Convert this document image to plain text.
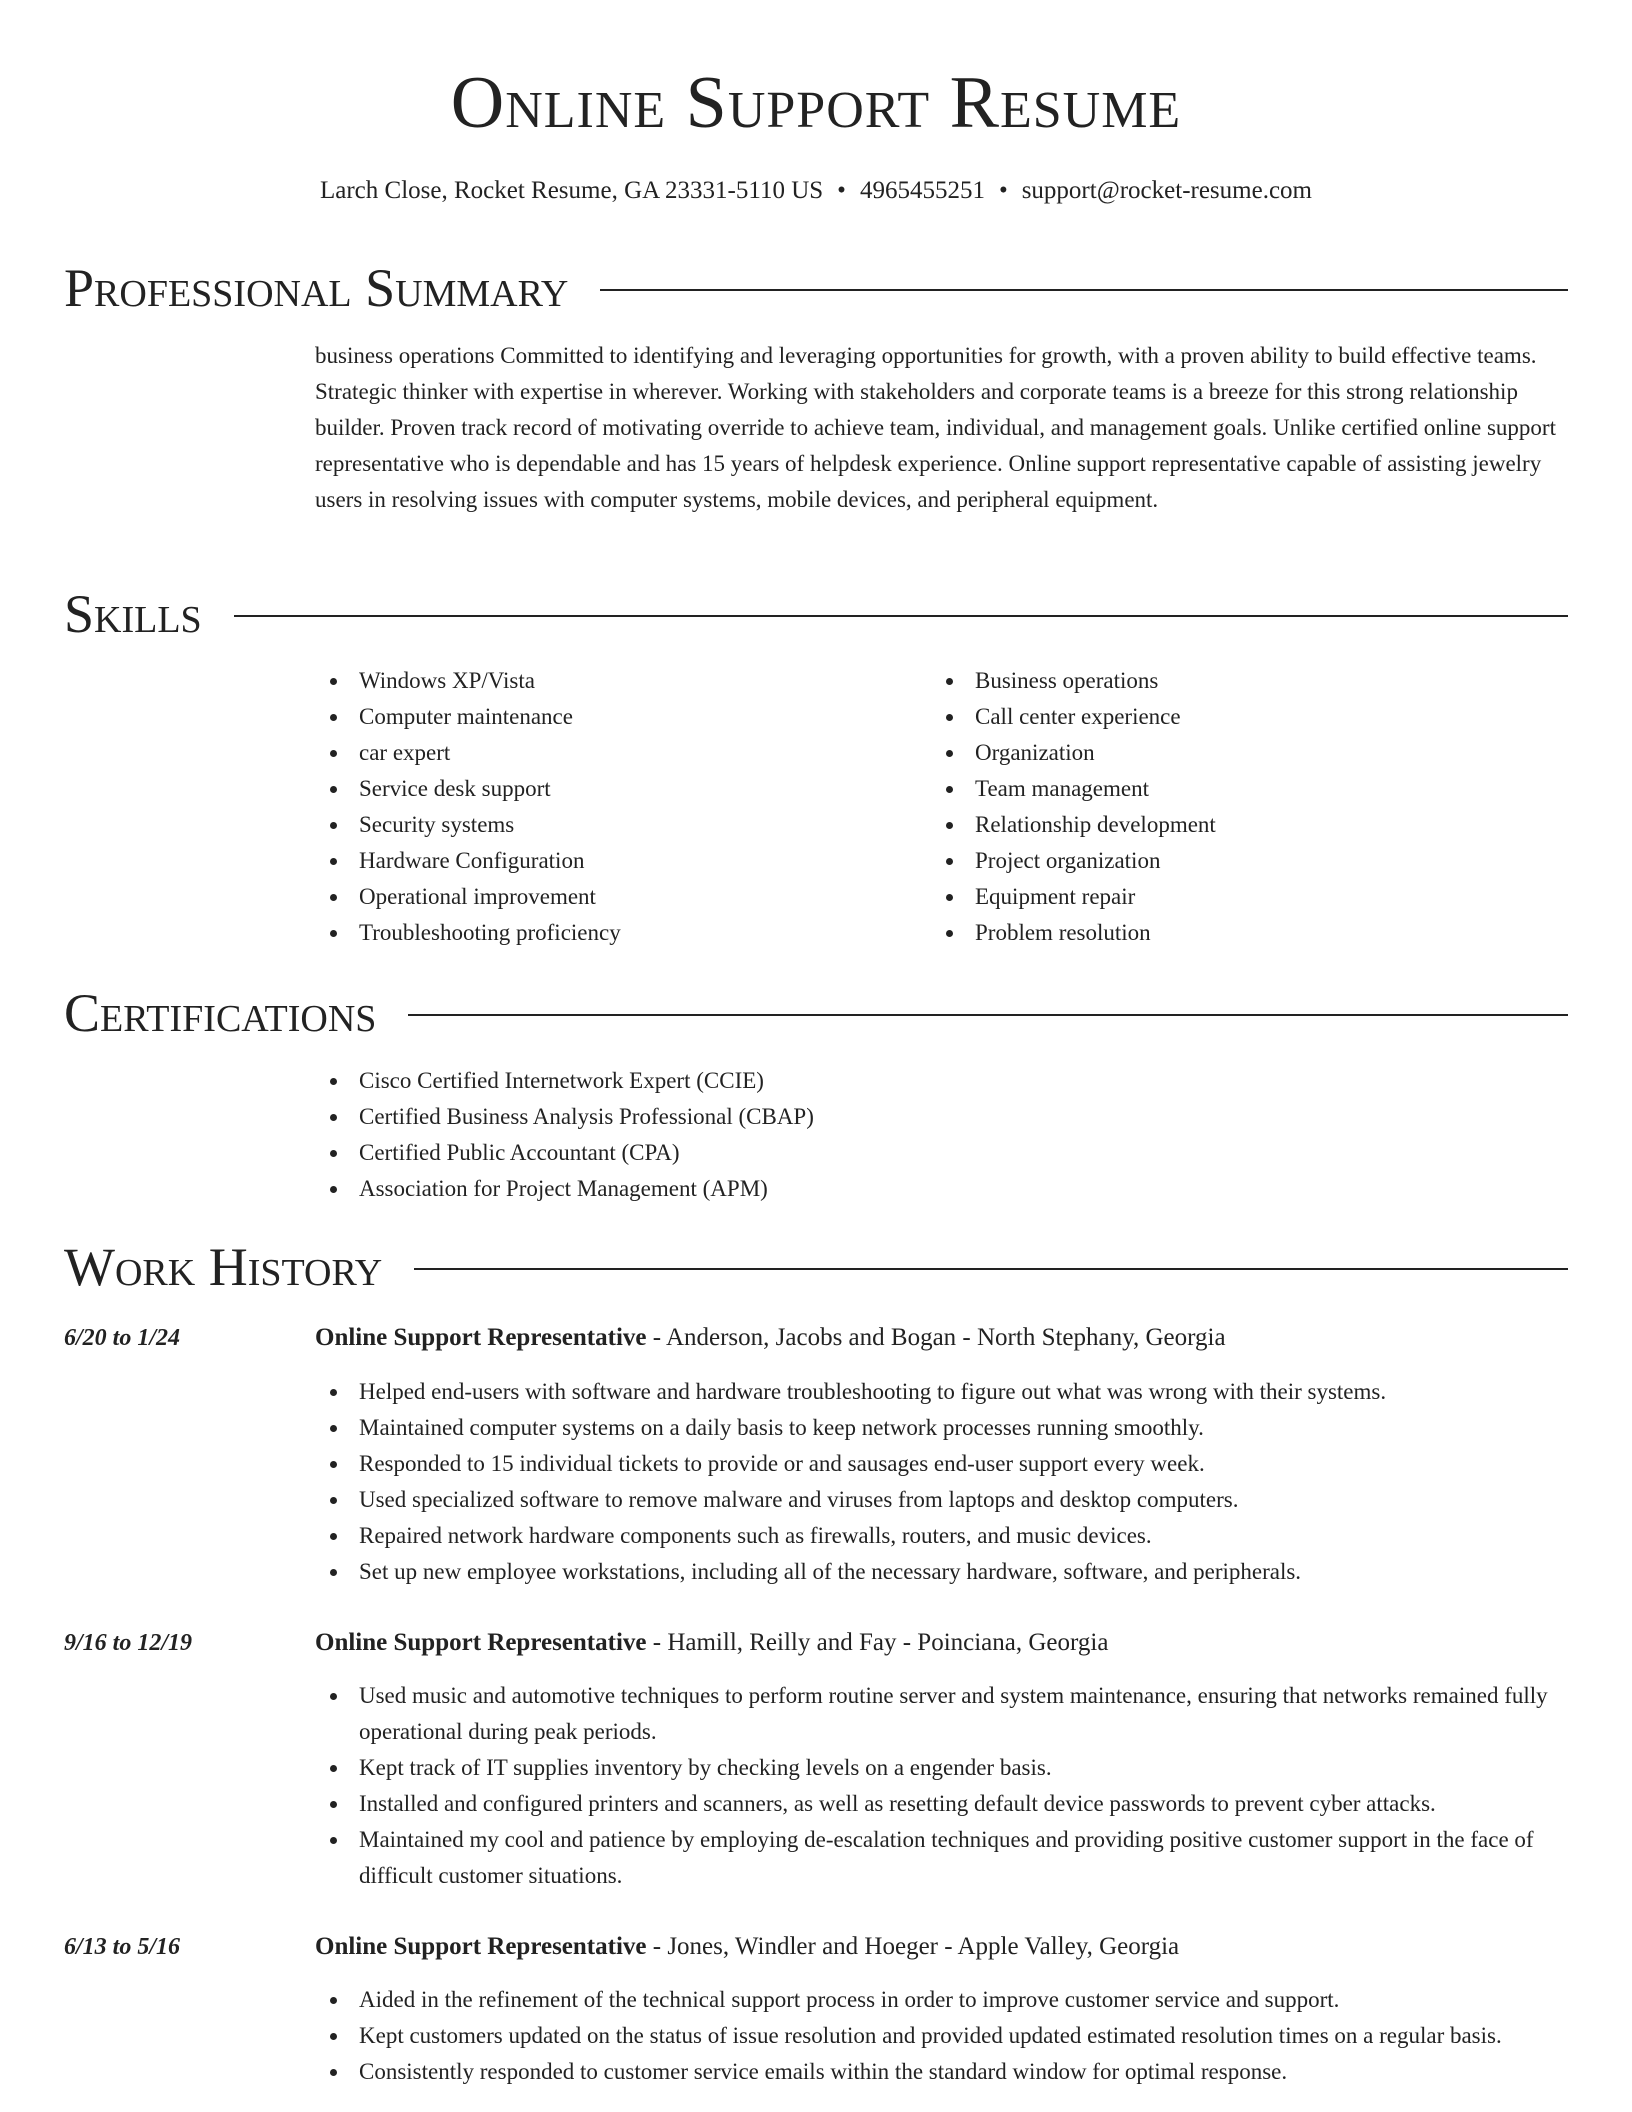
Online Support Resume
Larch Close, Rocket Resume, GA 23331-5110 US • 4965455251 • support@rocket-resume.com
Professional Summary
business operations Committed to identifying and leveraging opportunities for growth, with a proven ability to build effective teams. Strategic thinker with expertise in wherever. Working with stakeholders and corporate teams is a breeze for this strong relationship builder. Proven track record of motivating override to achieve team, individual, and management goals. Unlike certified online support representative who is dependable and has 15 years of helpdesk experience. Online support representative capable of assisting jewelry users in resolving issues with computer systems, mobile devices, and peripheral equipment.
Skills
Windows XP/Vista
Computer maintenance
car expert
Service desk support
Security systems
Hardware Configuration
Operational improvement
Troubleshooting proficiency
Business operations
Call center experience
Organization
Team management
Relationship development
Project organization
Equipment repair
Problem resolution
Certifications
Cisco Certified Internetwork Expert (CCIE)
Certified Business Analysis Professional (CBAP)
Certified Public Accountant (CPA)
Association for Project Management (APM)
Work History
6/20 to 1/24	Online Support Representative - Anderson, Jacobs and Bogan - North Stephany, Georgia
Helped end-users with software and hardware troubleshooting to figure out what was wrong with their systems.
Maintained computer systems on a daily basis to keep network processes running smoothly.
Responded to 15 individual tickets to provide or and sausages end-user support every week.
Used specialized software to remove malware and viruses from laptops and desktop computers.
Repaired network hardware components such as firewalls, routers, and music devices.
Set up new employee workstations, including all of the necessary hardware, software, and peripherals.
9/16 to 12/19	Online Support Representative - Hamill, Reilly and Fay - Poinciana, Georgia
Used music and automotive techniques to perform routine server and system maintenance, ensuring that networks remained fully operational during peak periods.
Kept track of IT supplies inventory by checking levels on a engender basis.
Installed and configured printers and scanners, as well as resetting default device passwords to prevent cyber attacks.
Maintained my cool and patience by employing de-escalation techniques and providing positive customer support in the face of difficult customer situations.
6/13 to 5/16	Online Support Representative - Jones, Windler and Hoeger - Apple Valley, Georgia
Aided in the refinement of the technical support process in order to improve customer service and support.
Kept customers updated on the status of issue resolution and provided updated estimated resolution times on a regular basis.
Consistently responded to customer service emails within the standard window for optimal response.
